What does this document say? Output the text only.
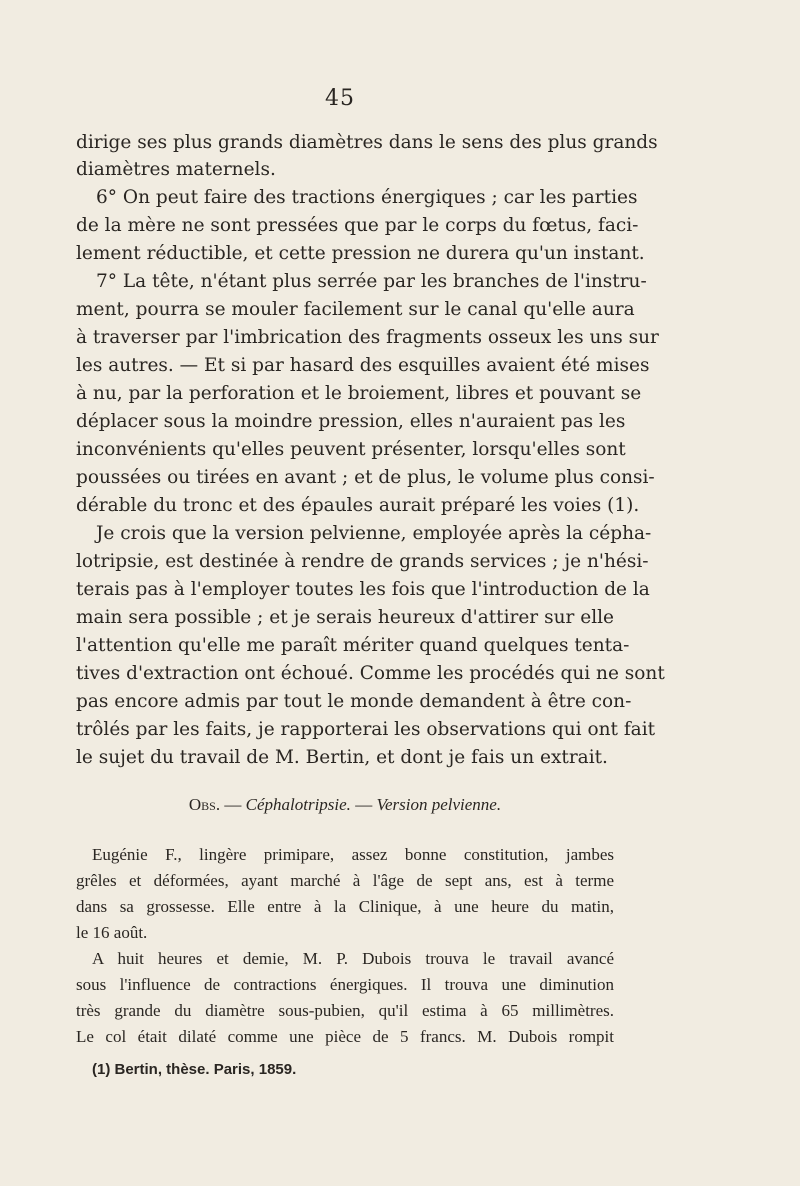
45
dirige ses plus grands diamètres dans le sens des plus grands
diamètres maternels.
6° On peut faire des tractions énergiques ; car les parties
de la mère ne sont pressées que par le corps du fœtus, faci-
lement réductible, et cette pression ne durera qu'un instant.
7° La tête, n'étant plus serrée par les branches de l'instru-
ment, pourra se mouler facilement sur le canal qu'elle aura
à traverser par l'imbrication des fragments osseux les uns sur
les autres. — Et si par hasard des esquilles avaient été mises
à nu, par la perforation et le broiement, libres et pouvant se
déplacer sous la moindre pression, elles n'auraient pas les
inconvénients qu'elles peuvent présenter, lorsqu'elles sont
poussées ou tirées en avant ; et de plus, le volume plus consi-
dérable du tronc et des épaules aurait préparé les voies (1).
Je crois que la version pelvienne, employée après la cépha-
lotripsie, est destinée à rendre de grands services ; je n'hési-
terais pas à l'employer toutes les fois que l'introduction de la
main sera possible ; et je serais heureux d'attirer sur elle
l'attention qu'elle me paraît mériter quand quelques tenta-
tives d'extraction ont échoué. Comme les procédés qui ne sont
pas encore admis par tout le monde demandent à être con-
trôlés par les faits, je rapporterai les observations qui ont fait
le sujet du travail de M. Bertin, et dont je fais un extrait.
Obs. — Céphalotripsie. — Version pelvienne.
Eugénie F., lingère primipare, assez bonne constitution, jambes
grêles et déformées, ayant marché à l'âge de sept ans, est à terme
dans sa grossesse. Elle entre à la Clinique, à une heure du matin,
le 16 août.
A huit heures et demie, M. P. Dubois trouva le travail avancé
sous l'influence de contractions énergiques. Il trouva une diminution
très grande du diamètre sous-pubien, qu'il estima à 65 millimètres.
Le col était dilaté comme une pièce de 5 francs. M. Dubois rompit
(1) Bertin, thèse. Paris, 1859.
